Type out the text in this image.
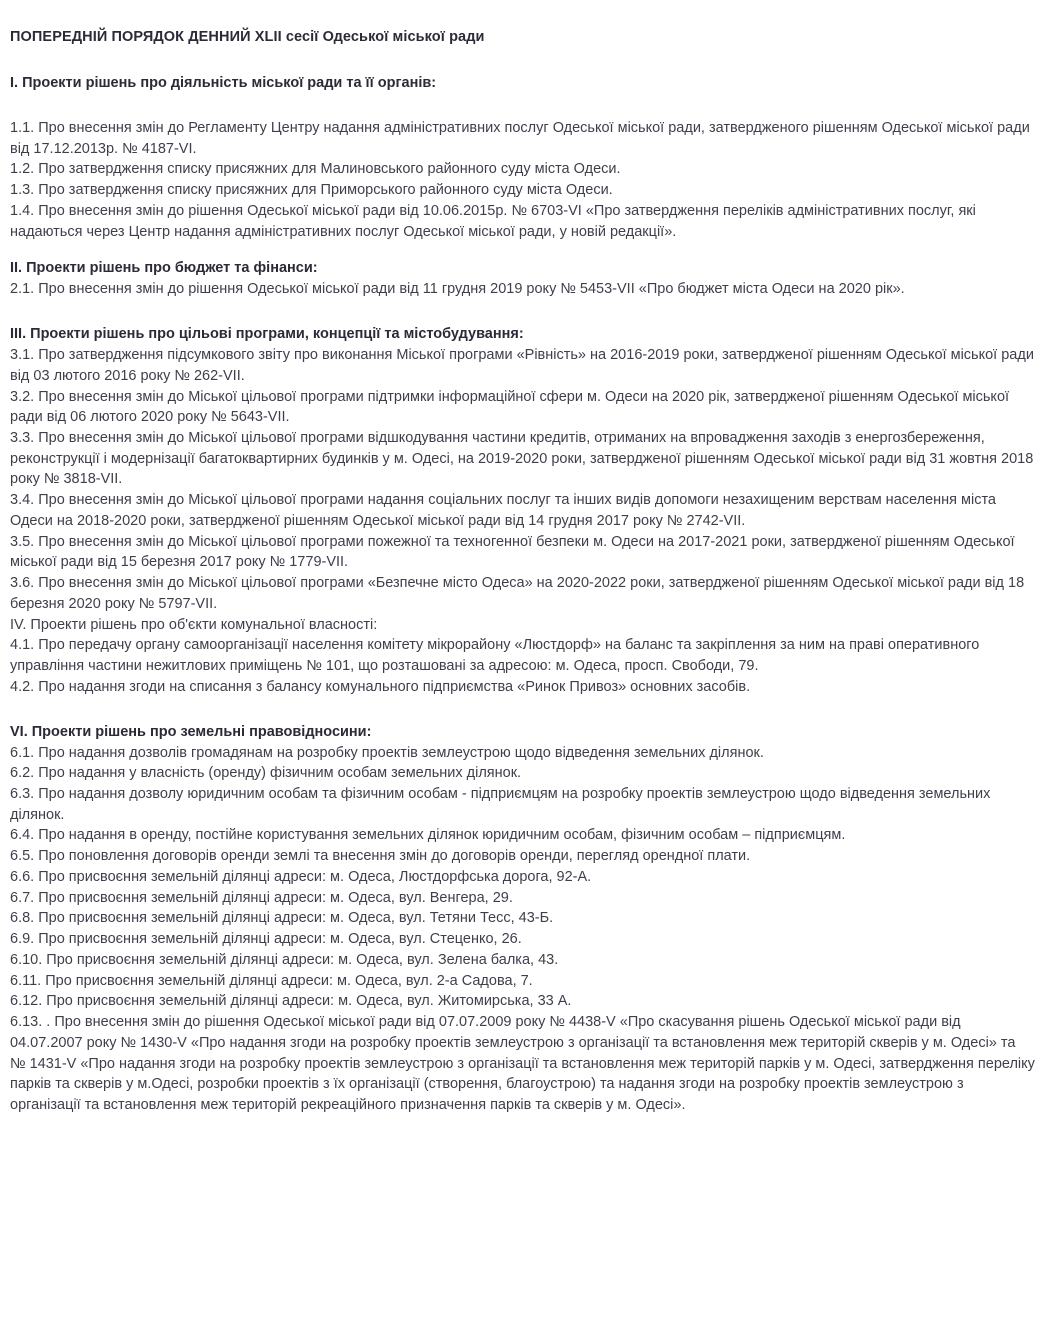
ПОПЕРЕДНІЙ ПОРЯДОК ДЕННИЙ XLII сесії Одеської міської ради

I. Проекти рішень про діяльність міської ради та її органів:

1.1. Про внесення змін до Регламенту Центру надання адміністративних послуг Одеської міської ради, затвердженого рішенням Одеської міської ради від 17.12.2013р. № 4187-VI.

1.2. Про затвердження списку присяжних для Малиновського районного суду міста Одеси.

1.3. Про затвердження списку присяжних для Приморського районного суду міста Одеси.

1.4. Про внесення змін до рішення Одеської міської ради від 10.06.2015р. № 6703-VI «Про затвердження переліків адміністративних послуг, які надаються через Центр надання адміністративних послуг Одеської міської ради, у новій редакції».

II. Проекти рішень про бюджет та фінанси:

2.1. Про внесення змін до рішення Одеської міської ради від 11 грудня 2019 року № 5453-VII «Про бюджет міста Одеси на 2020 рік».

III. Проекти рішень про цільові програми, концепції та містобудування:

3.1. Про затвердження підсумкового звіту про виконання Міської програми «Рівність» на 2016-2019 роки, затвердженої рішенням Одеської міської ради від 03 лютого 2016 року № 262-VII.

3.2. Про внесення змін до Міської цільової програми підтримки інформаційної сфери м. Одеси на 2020 рік, затвердженої рішенням Одеської міської ради від 06 лютого 2020 року № 5643-VII.

3.3. Про внесення змін до Міської цільової програми відшкодування частини кредитів, отриманих на впровадження заходів з енергозбереження, реконструкції і модернізації багатоквартирних будинків у м. Одесі, на 2019-2020 роки, затвердженої рішенням Одеської міської ради від 31 жовтня 2018 року № 3818-VII.

3.4. Про внесення змін до Міської цільової програми надання соціальних послуг та інших видів допомоги незахищеним верствам населення міста Одеси на 2018-2020 роки, затвердженої рішенням Одеської міської ради від 14 грудня 2017 року № 2742-VII.

3.5. Про внесення змін до Міської цільової програми пожежної та техногенної безпеки м. Одеси на 2017-2021 роки, затвердженої рішенням Одеської міської ради від 15 березня 2017 року № 1779-VII.

3.6. Про внесення змін до Міської цільової програми «Безпечне місто Одеса» на 2020-2022 роки, затвердженої рішенням Одеської міської ради від 18 березня 2020 року № 5797-VII.

IV. Проекти рішень про об'єкти комунальної власності:

4.1. Про передачу органу самоорганізації населення комітету мікрорайону «Люстдорф» на баланс та закріплення за ним на праві оперативного управління частини нежитлових приміщень № 101, що розташовані за адресою: м. Одеса, просп. Свободи, 79.

4.2. Про надання згоди на списання з балансу комунального підприємства «Ринок Привоз» основних засобів.

VI. Проекти рішень про земельні правовідносини:

6.1. Про надання дозволів громадянам на розробку проектів землеустрою щодо відведення земельних ділянок.

6.2. Про надання у власність (оренду) фізичним особам земельних ділянок.

6.3. Про надання дозволу юридичним особам та фізичним особам - підприємцям на розробку проектів землеустрою щодо відведення земельних ділянок.

6.4. Про надання в оренду, постійне користування земельних ділянок юридичним особам, фізичним особам – підприємцям.

6.5. Про поновлення договорів оренди землі та внесення змін до договорів оренди, перегляд орендної плати.

6.6. Про присвоєння земельній ділянці адреси: м. Одеса, Люстдорфська дорога, 92-А.

6.7. Про присвоєння земельній ділянці адреси: м. Одеса, вул. Венгера, 29.

6.8. Про присвоєння земельній ділянці адреси: м. Одеса, вул. Тетяни Тесс, 43-Б.

6.9. Про присвоєння земельній ділянці адреси: м. Одеса, вул. Стеценко, 26.

6.10. Про присвоєння земельній ділянці адреси: м. Одеса, вул. Зелена балка, 43.

6.11. Про присвоєння земельній ділянці адреси: м. Одеса, вул. 2-а Садова, 7.

6.12. Про присвоєння земельній ділянці адреси: м. Одеса, вул. Житомирська, 33 А.

6.13. . Про внесення змін до рішення Одеської міської ради від 07.07.2009 року № 4438-V «Про скасування рішень Одеської міської ради від 04.07.2007 року № 1430-V «Про надання згоди на розробку проектів землеустрою з організації та встановлення меж територій скверів у м. Одесі» та № 1431-V «Про надання згоди на розробку проектів землеустрою з організації та встановлення меж територій парків у м. Одесі, затвердження переліку парків та скверів у м.Одесі, розробки проектів з їх організації (створення, благоустрою) та надання згоди на розробку проектів землеустрою з організації та встановлення меж територій рекреаційного призначення парків та скверів у м. Одесі».
